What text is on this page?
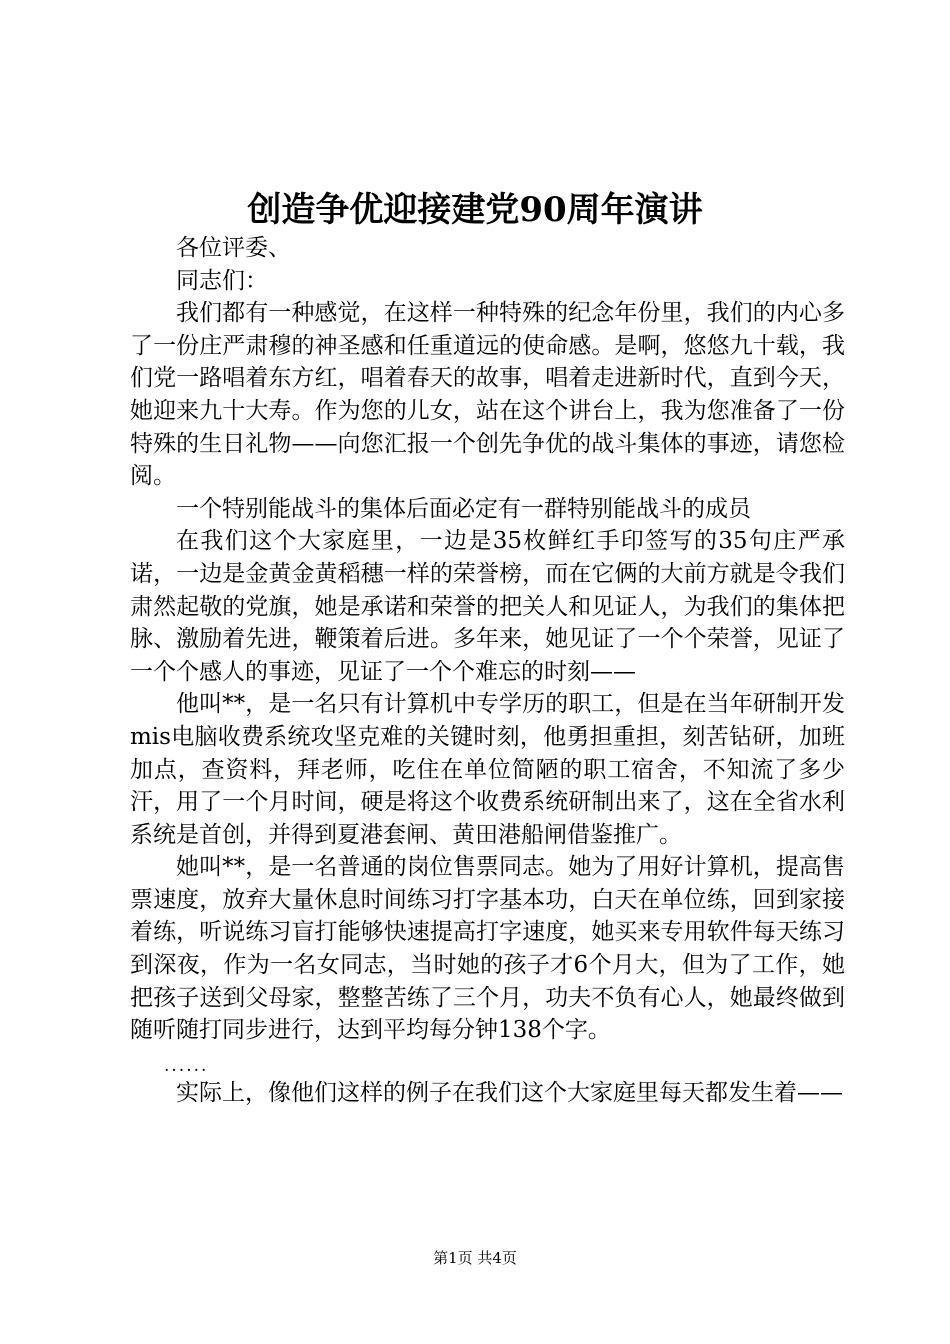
创造争优迎接建党90周年演讲

各位评委、

同志们：

我们都有一种感觉，在这样一种特殊的纪念年份里，我们的内心多了一份庄严肃穆的神圣感和任重道远的使命感。是啊，悠悠九十载，我们党一路唱着东方红，唱着春天的故事，唱着走进新时代，直到今天，她迎来九十大寿。作为您的儿女，站在这个讲台上，我为您准备了一份特殊的生日礼物——向您汇报一个创先争优的战斗集体的事迹，请您检阅。

一个特别能战斗的集体后面必定有一群特别能战斗的成员

在我们这个大家庭里，一边是35枚鲜红手印签写的35句庄严承诺，一边是金黄金黄稻穗一样的荣誉榜，而在它俩的大前方就是令我们肃然起敬的党旗，她是承诺和荣誉的把关人和见证人，为我们的集体把脉、激励着先进，鞭策着后进。多年来，她见证了一个个荣誉，见证了一个个感人的事迹，见证了一个个难忘的时刻——

他叫**，是一名只有计算机中专学历的职工，但是在当年研制开发mis电脑收费系统攻坚克难的关键时刻，他勇担重担，刻苦钻研，加班加点，查资料，拜老师，吃住在单位简陋的职工宿舍，不知流了多少汗，用了一个月时间，硬是将这个收费系统研制出来了，这在全省水利系统是首创，并得到夏港套闸、黄田港船闸借鉴推广。

她叫**，是一名普通的岗位售票同志。她为了用好计算机，提高售票速度，放弃大量休息时间练习打字基本功，白天在单位练，回到家接着练，听说练习盲打能够快速提高打字速度，她买来专用软件每天练习到深夜，作为一名女同志，当时她的孩子才6个月大，但为了工作，她把孩子送到父母家，整整苦练了三个月，功夫不负有心人，她最终做到随听随打同步进行，达到平均每分钟138个字。

......

实际上，像他们这样的例子在我们这个大家庭里每天都发生着——

第1页 共4页
